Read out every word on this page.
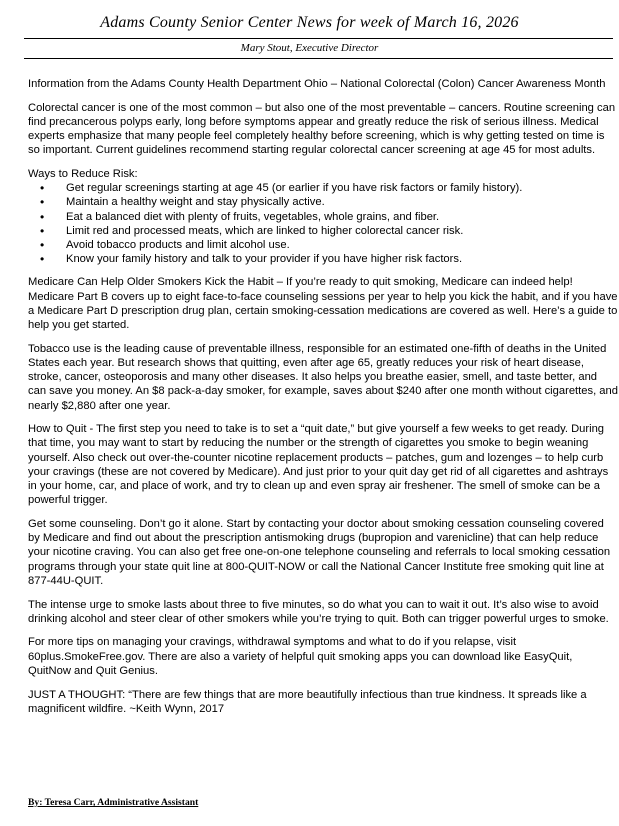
Adams County Senior Center News for week of March 16, 2026
Mary Stout, Executive Director

Information from the Adams County Health Department Ohio – National Colorectal (Colon) Cancer Awareness Month

Colorectal cancer is one of the most common – but also one of the most preventable – cancers. Routine screening can find precancerous polyps early, long before symptoms appear and greatly reduce the risk of serious illness. Medical experts emphasize that many people feel completely healthy before screening, which is why getting tested on time is so important. Current guidelines recommend starting regular colorectal cancer screening at age 45 for most adults.

Ways to Reduce Risk:

• Get regular screenings starting at age 45 (or earlier if you have risk factors or family history).
• Maintain a healthy weight and stay physically active.
• Eat a balanced diet with plenty of fruits, vegetables, whole grains, and fiber.
• Limit red and processed meats, which are linked to higher colorectal cancer risk.
• Avoid tobacco products and limit alcohol use.
• Know your family history and talk to your provider if you have higher risk factors.

Medicare Can Help Older Smokers Kick the Habit – If you’re ready to quit smoking, Medicare can indeed help! Medicare Part B covers up to eight face-to-face counseling sessions per year to help you kick the habit, and if you have a Medicare Part D prescription drug plan, certain smoking-cessation medications are covered as well. Here’s a guide to help you get started.

Tobacco use is the leading cause of preventable illness, responsible for an estimated one-fifth of deaths in the United States each year. But research shows that quitting, even after age 65, greatly reduces your risk of heart disease, stroke, cancer, osteoporosis and many other diseases. It also helps you breathe easier, smell, and taste better, and can save you money. An $8 pack-a-day smoker, for example, saves about $240 after one month without cigarettes, and nearly $2,880 after one year.

How to Quit - The first step you need to take is to set a “quit date,” but give yourself a few weeks to get ready. During that time, you may want to start by reducing the number or the strength of cigarettes you smoke to begin weaning yourself. Also check out over-the-counter nicotine replacement products – patches, gum and lozenges – to help curb your cravings (these are not covered by Medicare). And just prior to your quit day get rid of all cigarettes and ashtrays in your home, car, and place of work, and try to clean up and even spray air freshener. The smell of smoke can be a powerful trigger.

Get some counseling. Don’t go it alone. Start by contacting your doctor about smoking cessation counseling covered by Medicare and find out about the prescription antismoking drugs (bupropion and varenicline) that can help reduce your nicotine craving. You can also get free one-on-one telephone counseling and referrals to local smoking cessation programs through your state quit line at 800-QUIT-NOW or call the National Cancer Institute free smoking quit line at 877-44U-QUIT.

The intense urge to smoke lasts about three to five minutes, so do what you can to wait it out. It’s also wise to avoid drinking alcohol and steer clear of other smokers while you’re trying to quit. Both can trigger powerful urges to smoke.

For more tips on managing your cravings, withdrawal symptoms and what to do if you relapse, visit 60plus.SmokeFree.gov. There are also a variety of helpful quit smoking apps you can download like EasyQuit, QuitNow and Quit Genius.

JUST A THOUGHT: “There are few things that are more beautifully infectious than true kindness. It spreads like a magnificent wildfire. ~Keith Wynn, 2017

By: Teresa Carr, Administrative Assistant
